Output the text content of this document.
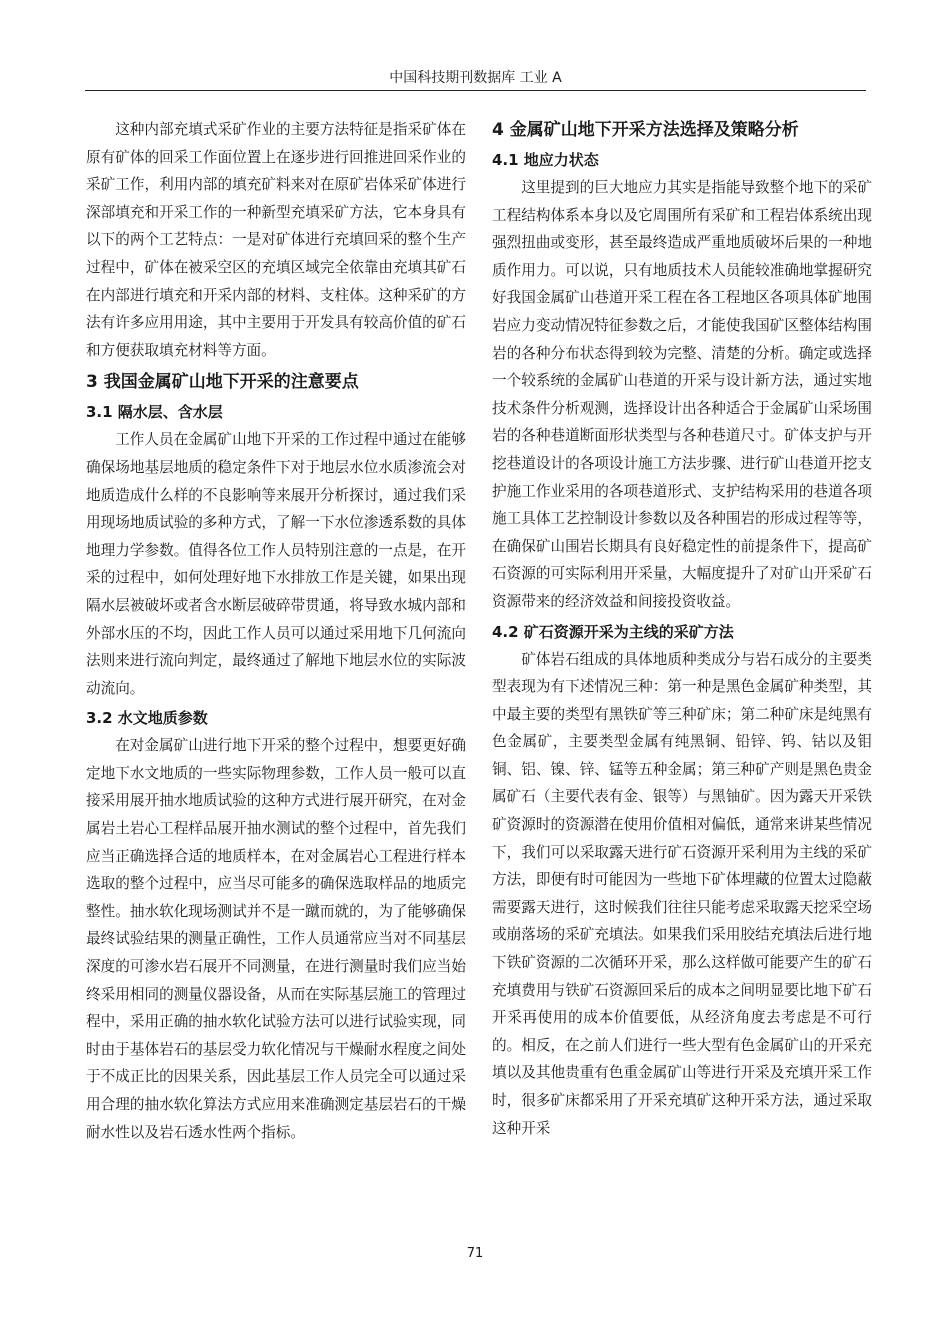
中国科技期刊数据库 工业 A

这种内部充填式采矿作业的主要方法特征是指采矿体在原有矿体的回采工作面位置上在逐步进行回推进回采作业的采矿工作，利用内部的填充矿料来对在原矿岩体采矿体进行深部填充和开采工作的一种新型充填采矿方法，它本身具有以下的两个工艺特点：一是对矿体进行充填回采的整个生产过程中，矿体在被采空区的充填区域完全依靠由充填其矿石在内部进行填充和开采内部的材料、支柱体。这种采矿的方法有许多应用用途，其中主要用于开发具有较高价值的矿石和方便获取填充材料等方面。

3 我国金属矿山地下开采的注意要点
3.1 隔水层、含水层

工作人员在金属矿山地下开采的工作过程中通过在能够确保场地基层地质的稳定条件下对于地层水位水质渗流会对地质造成什么样的不良影响等来展开分析探讨，通过我们采用现场地质试验的多种方式，了解一下水位渗透系数的具体地理力学参数。值得各位工作人员特别注意的一点是，在开采的过程中，如何处理好地下水排放工作是关键，如果出现隔水层被破坏或者含水断层破碎带贯通，将导致水城内部和外部水压的不均，因此工作人员可以通过采用地下几何流向法则来进行流向判定，最终通过了解地下地层水位的实际波动流向。

3.2 水文地质参数

在对金属矿山进行地下开采的整个过程中，想要更好确定地下水文地质的一些实际物理参数，工作人员一般可以直接采用展开抽水地质试验的这种方式进行展开研究，在对金属岩土岩心工程样品展开抽水测试的整个过程中，首先我们应当正确选择合适的地质样本，在对金属岩心工程进行样本选取的整个过程中，应当尽可能多的确保选取样品的地质完整性。抽水软化现场测试并不是一蹴而就的，为了能够确保最终试验结果的测量正确性，工作人员通常应当对不同基层深度的可渗水岩石展开不同测量，在进行测量时我们应当始终采用相同的测量仪器设备，从而在实际基层施工的管理过程中，采用正确的抽水软化试验方法可以进行试验实现，同时由于基体岩石的基层受力软化情况与干燥耐水程度之间处于不成正比的因果关系，因此基层工作人员完全可以通过采用合理的抽水软化算法方式应用来准确测定基层岩石的干燥耐水性以及岩石透水性两个指标。

4 金属矿山地下开采方法选择及策略分析
4.1 地应力状态

这里提到的巨大地应力其实是指能导致整个地下的采矿工程结构体系本身以及它周围所有采矿和工程岩体系统出现强烈扭曲或变形，甚至最终造成严重地质破坏后果的一种地质作用力。可以说，只有地质技术人员能较准确地掌握研究好我国金属矿山巷道开采工程在各工程地区各项具体矿地围岩应力变动情况特征参数之后，才能使我国矿区整体结构围岩的各种分布状态得到较为完整、清楚的分析。确定或选择一个较系统的金属矿山巷道的开采与设计新方法，通过实地技术条件分析观测，选择设计出各种适合于金属矿山采场围岩的各种巷道断面形状类型与各种巷道尺寸。矿体支护与开挖巷道设计的各项设计施工方法步骤、进行矿山巷道开挖支护施工作业采用的各项巷道形式、支护结构采用的巷道各项施工具体工艺控制设计参数以及各种围岩的形成过程等等，在确保矿山围岩长期具有良好稳定性的前提条件下，提高矿石资源的可实际利用开采量，大幅度提升了对矿山开采矿石资源带来的经济效益和间接投资收益。

4.2 矿石资源开采为主线的采矿方法

矿体岩石组成的具体地质种类成分与岩石成分的主要类型表现为有下述情况三种：第一种是黑色金属矿种类型，其中最主要的类型有黑铁矿等三种矿床；第二种矿床是纯黑有色金属矿，主要类型金属有纯黑铜、铅锌、钨、钴以及钼铜、铝、镍、锌、锰等五种金属；第三种矿产则是黑色贵金属矿石（主要代表有金、银等）与黑铀矿。因为露天开采铁矿资源时的资源潜在使用价值相对偏低，通常来讲某些情况下，我们可以采取露天进行矿石资源开采利用为主线的采矿方法，即便有时可能因为一些地下矿体埋藏的位置太过隐蔽需要露天进行，这时候我们往往只能考虑采取露天挖采空场或崩落场的采矿充填法。如果我们采用胶结充填法后进行地下铁矿资源的二次循环开采，那么这样做可能要产生的矿石充填费用与铁矿石资源回采后的成本之间明显要比地下矿石开采再使用的成本价值要低，从经济角度去考虑是不可行的。相反，在之前人们进行一些大型有色金属矿山的开采充填以及其他贵重有色重金属矿山等进行开采及充填开采工作时，很多矿床都采用了开采充填矿这种开采方法，通过采取这种开采

71
